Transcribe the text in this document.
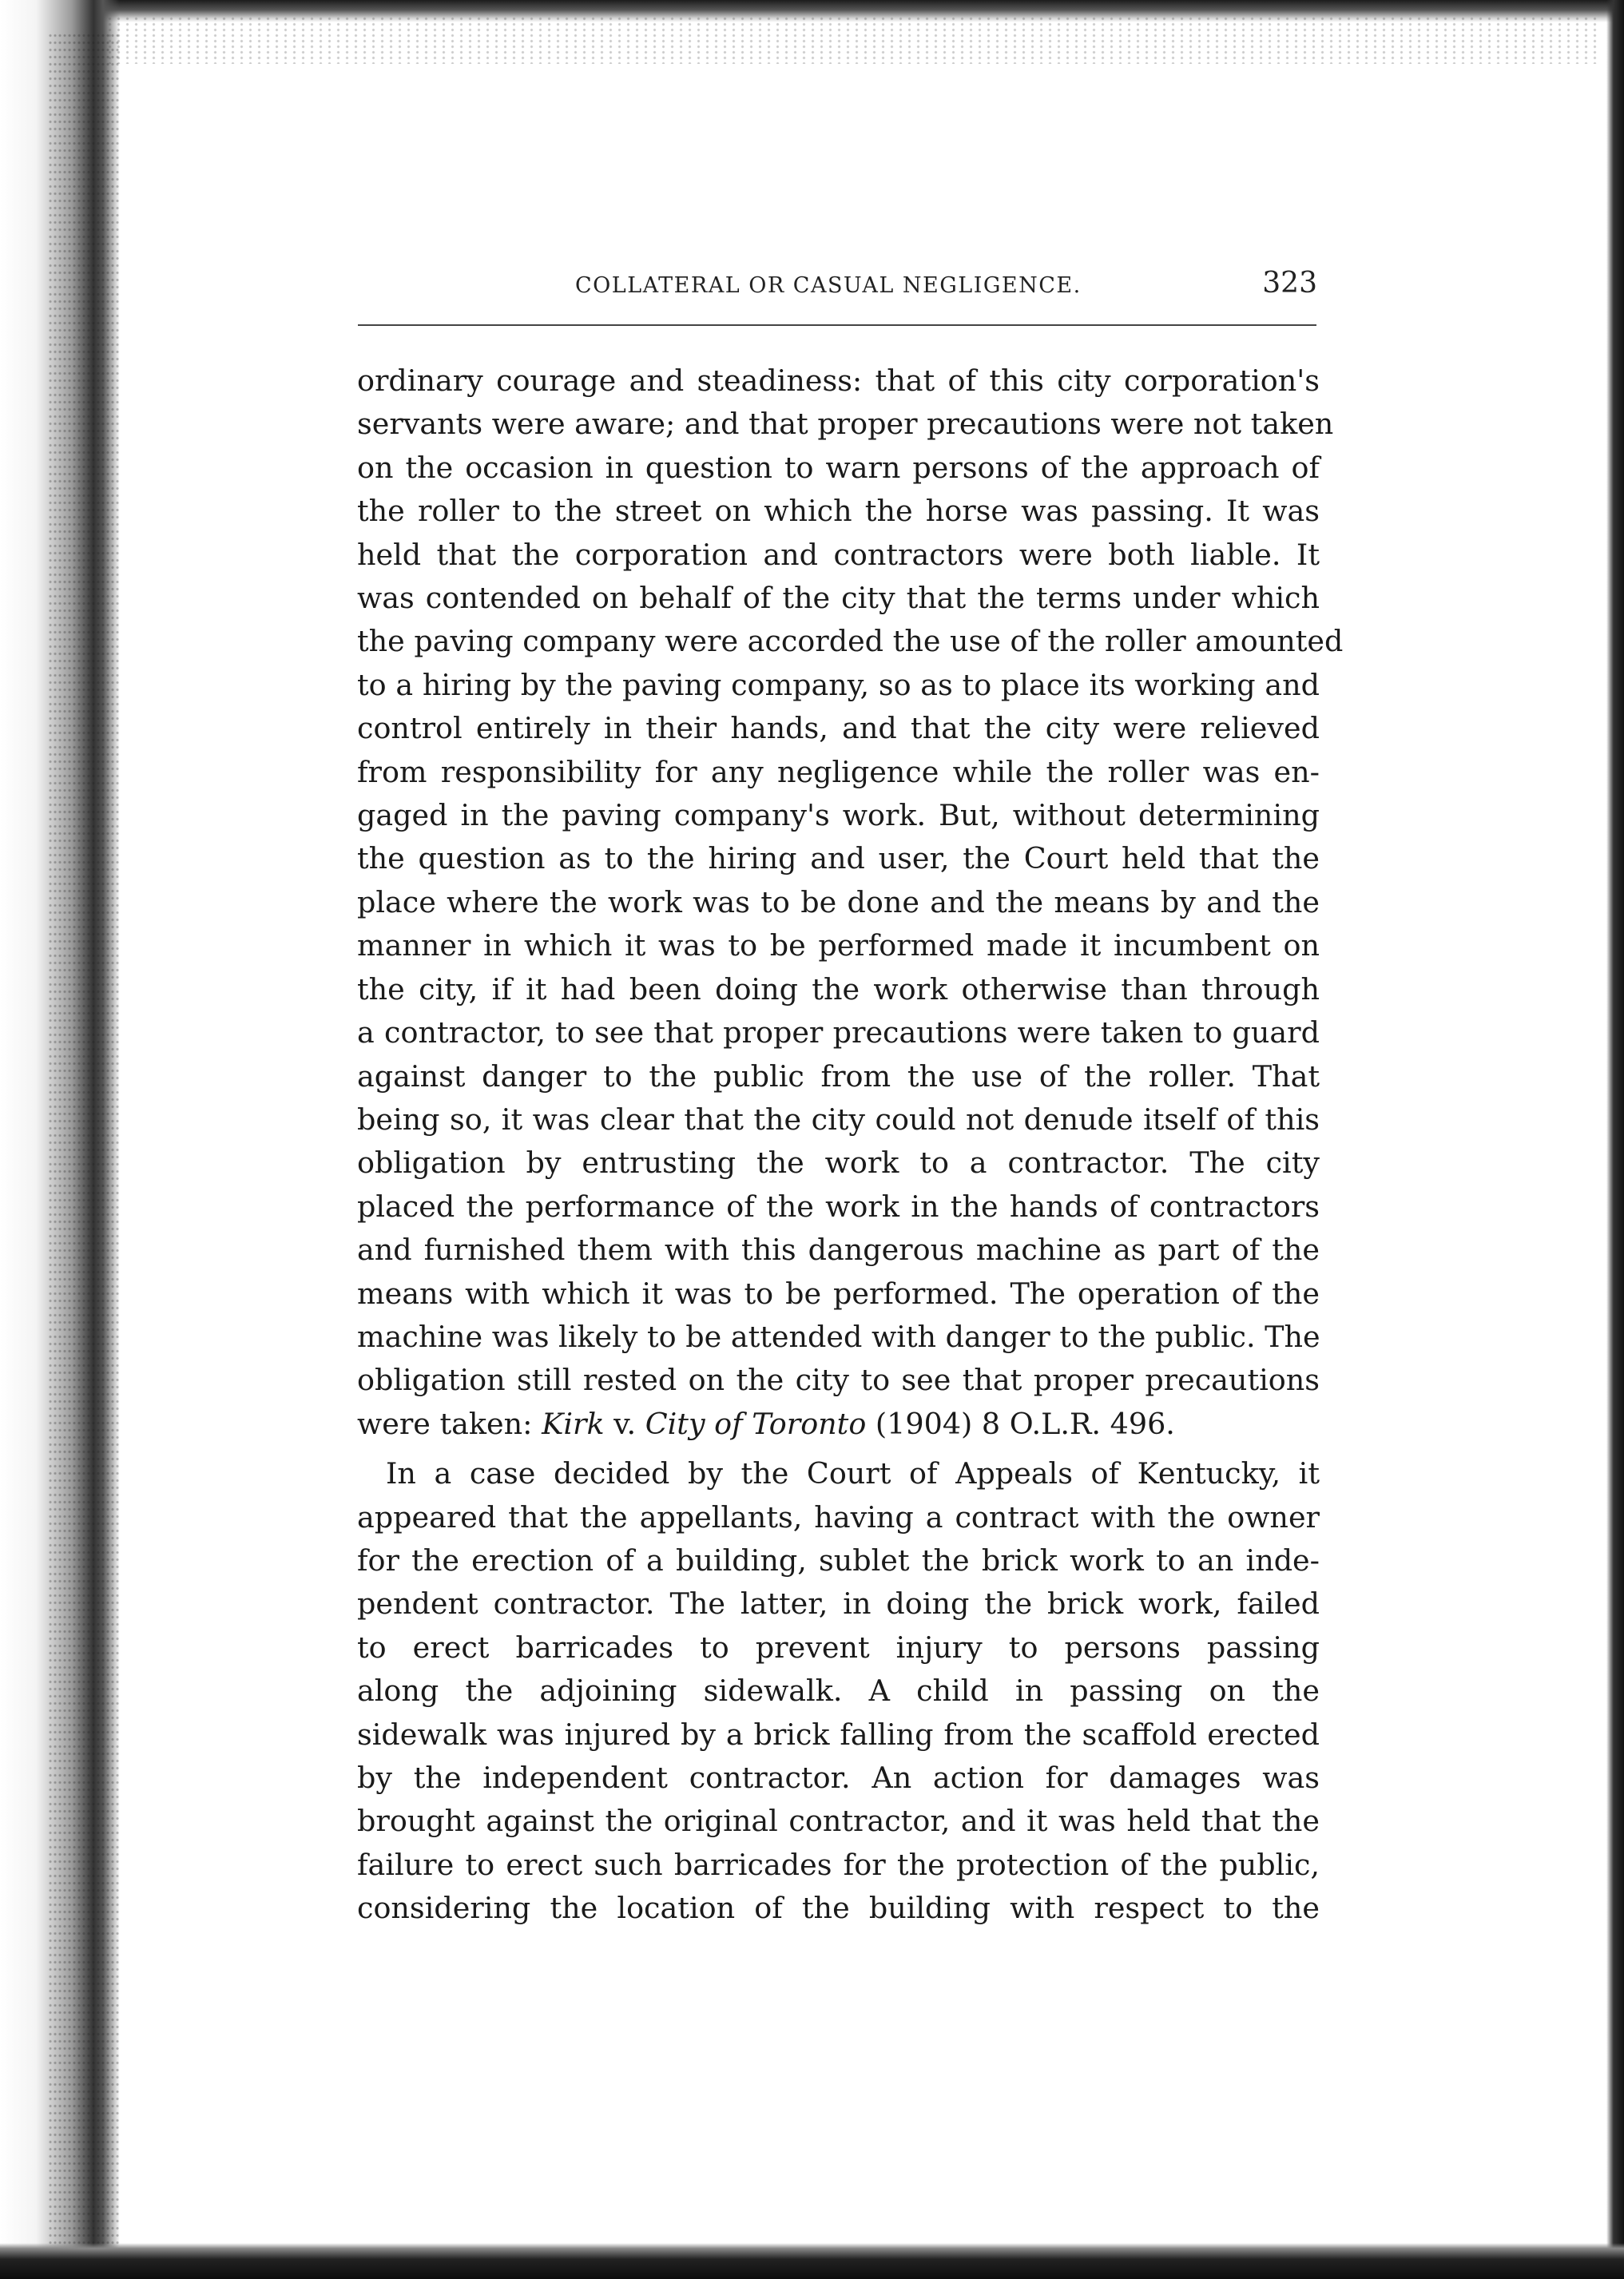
COLLATERAL OR CASUAL NEGLIGENCE.	323

ordinary courage and steadiness: that of this city corporation's
servants were aware; and that proper precautions were not taken
on the occasion in question to warn persons of the approach of
the roller to the street on which the horse was passing. It was
held that the corporation and contractors were both liable. It
was contended on behalf of the city that the terms under which
the paving company were accorded the use of the roller amounted
to a hiring by the paving company, so as to place its working and
control entirely in their hands, and that the city were relieved
from responsibility for any negligence while the roller was en-
gaged in the paving company's work. But, without determining
the question as to the hiring and user, the Court held that the
place where the work was to be done and the means by and the
manner in which it was to be performed made it incumbent on
the city, if it had been doing the work otherwise than through
a contractor, to see that proper precautions were taken to guard
against danger to the public from the use of the roller. That
being so, it was clear that the city could not denude itself of this
obligation by entrusting the work to a contractor. The city
placed the performance of the work in the hands of contractors
and furnished them with this dangerous machine as part of the
means with which it was to be performed. The operation of the
machine was likely to be attended with danger to the public. The
obligation still rested on the city to see that proper precautions
were taken: Kirk v. City of Toronto (1904) 8 O.L.R. 496.

In a case decided by the Court of Appeals of Kentucky, it
appeared that the appellants, having a contract with the owner
for the erection of a building, sublet the brick work to an inde-
pendent contractor. The latter, in doing the brick work, failed
to erect barricades to prevent injury to persons passing
along the adjoining sidewalk. A child in passing on the
sidewalk was injured by a brick falling from the scaffold erected
by the independent contractor. An action for damages was
brought against the original contractor, and it was held that the
failure to erect such barricades for the protection of the public,
considering the location of the building with respect to the
